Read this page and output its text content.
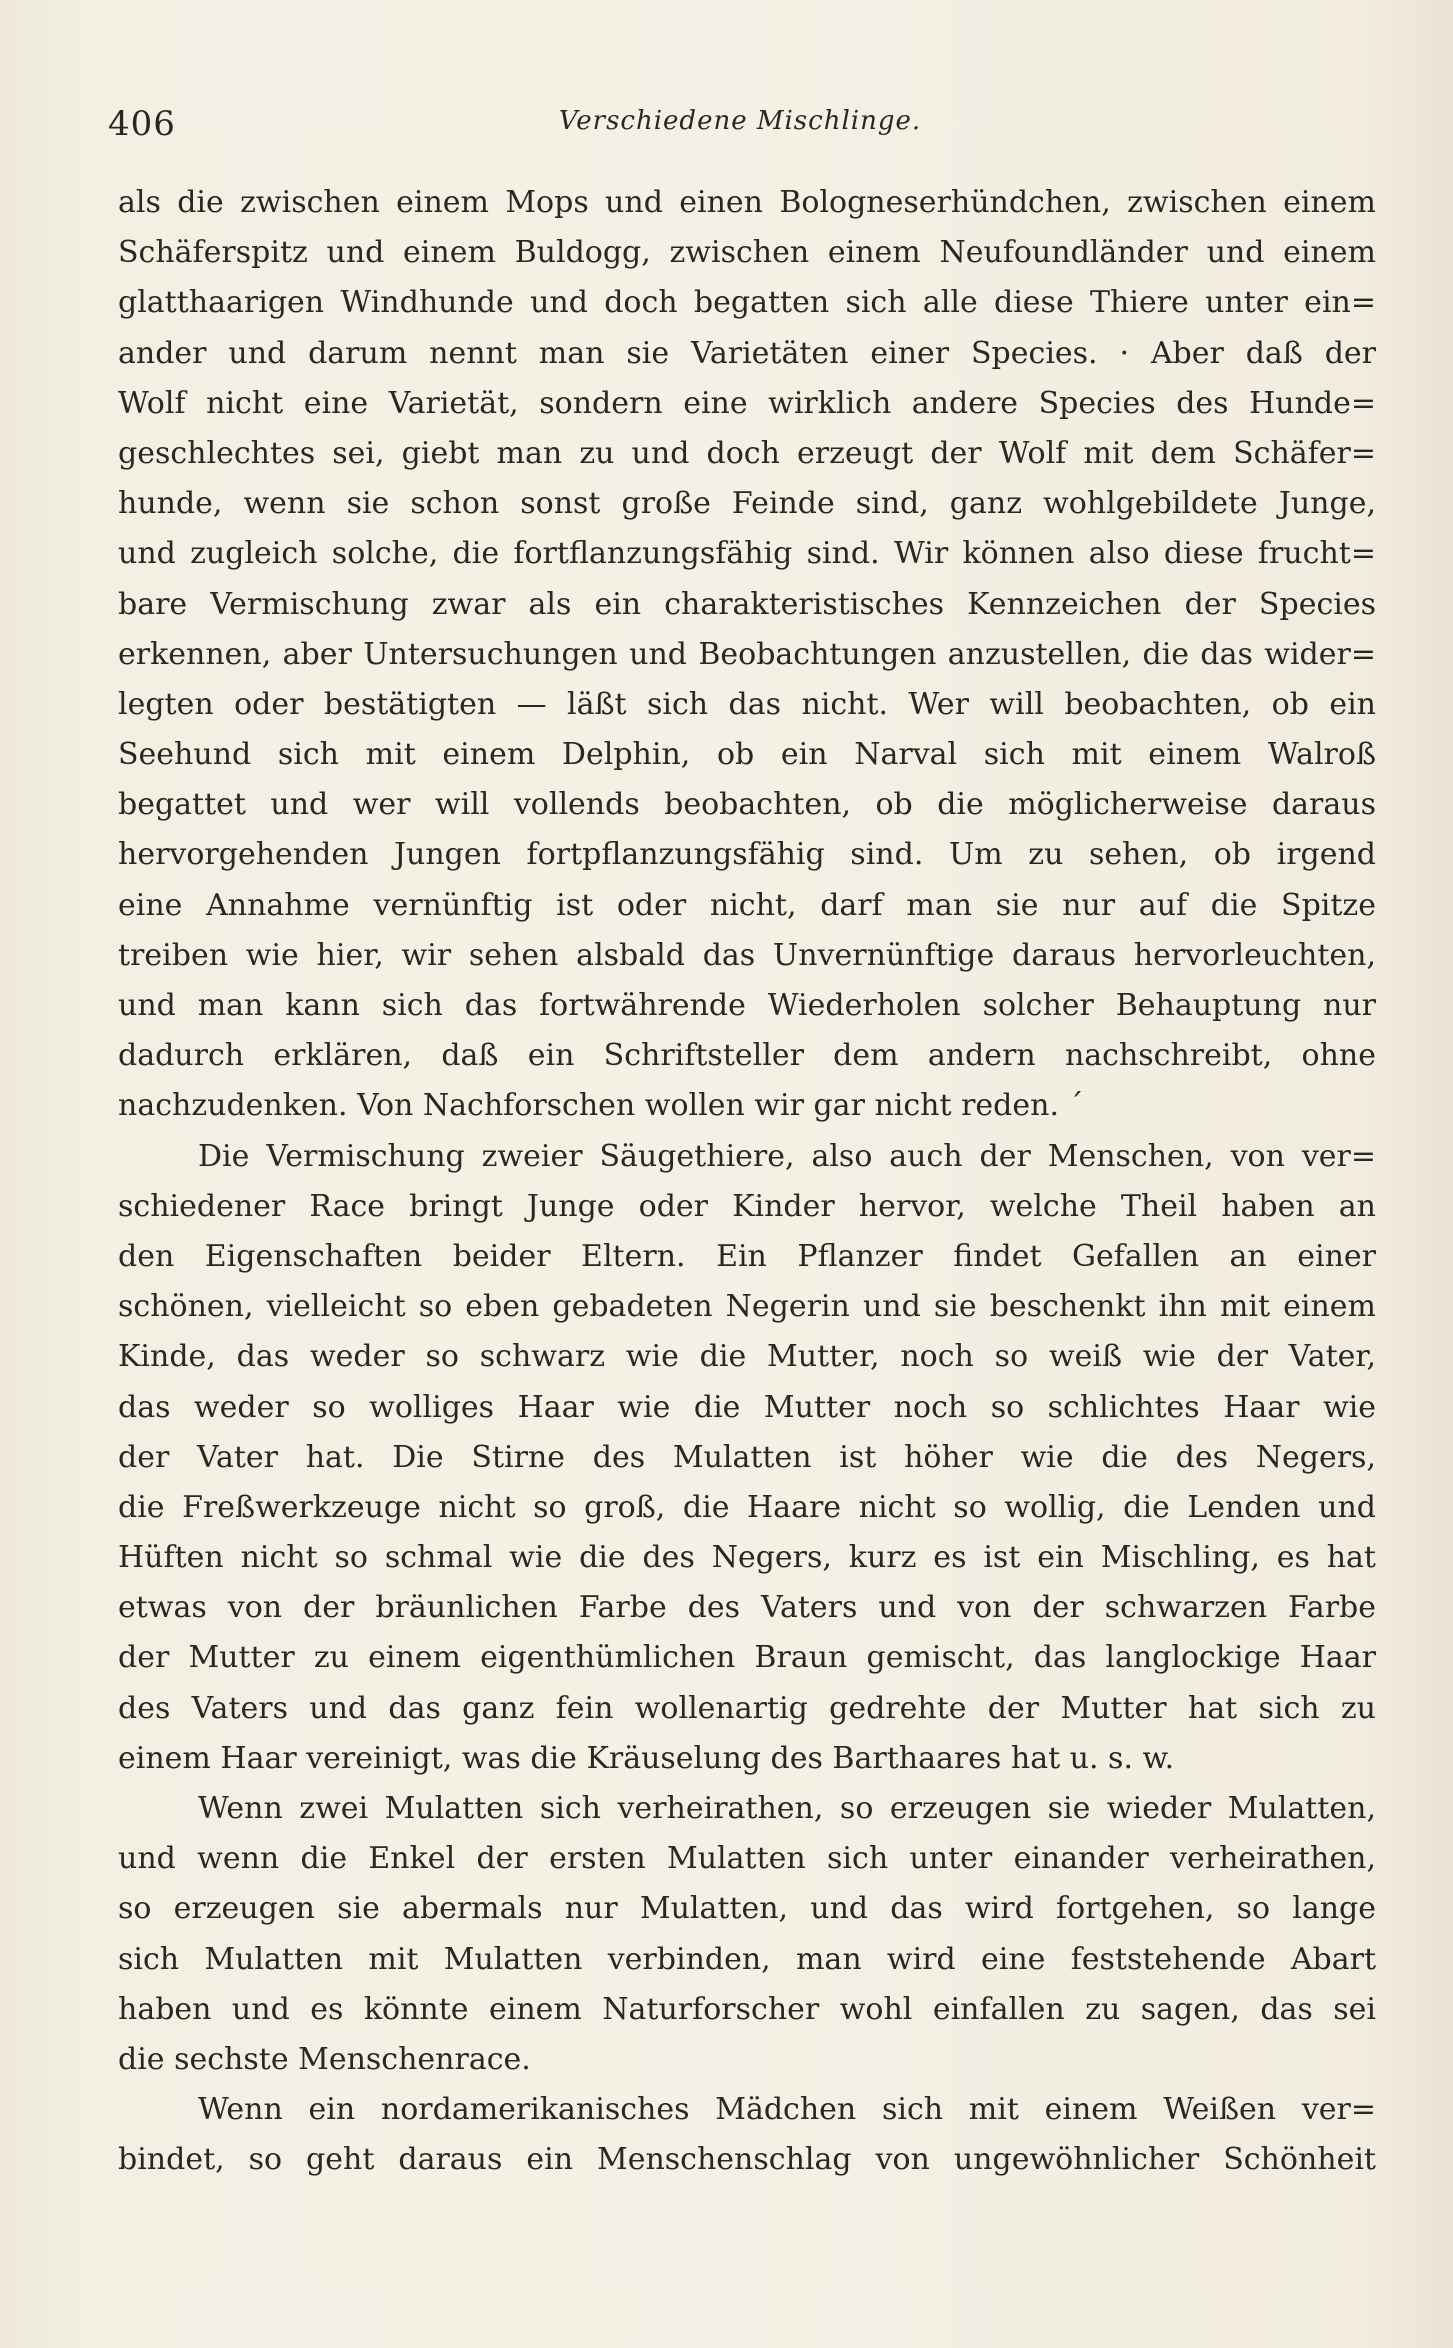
406	Verschiedene Mischlinge.
als die zwischen einem Mops und einen Bologneserhündchen, zwischen einem
Schäferspitz und einem Buldogg, zwischen einem Neufoundländer und einem
glatthaarigen Windhunde und doch begatten sich alle diese Thiere unter ein=
ander und darum nennt man sie Varietäten einer Species. · Aber daß der
Wolf nicht eine Varietät, sondern eine wirklich andere Species des Hunde=
geschlechtes sei, giebt man zu und doch erzeugt der Wolf mit dem Schäfer=
hunde, wenn sie schon sonst große Feinde sind, ganz wohlgebildete Junge,
und zugleich solche, die fortflanzungsfähig sind. Wir können also diese frucht=
bare Vermischung zwar als ein charakteristisches Kennzeichen der Species
erkennen, aber Untersuchungen und Beobachtungen anzustellen, die das wider=
legten oder bestätigten — läßt sich das nicht. Wer will beobachten, ob ein
Seehund sich mit einem Delphin, ob ein Narval sich mit einem Walroß
begattet und wer will vollends beobachten, ob die möglicherweise daraus
hervorgehenden Jungen fortpflanzungsfähig sind. Um zu sehen, ob irgend
eine Annahme vernünftig ist oder nicht, darf man sie nur auf die Spitze
treiben wie hier, wir sehen alsbald das Unvernünftige daraus hervorleuchten,
und man kann sich das fortwährende Wiederholen solcher Behauptung nur
dadurch erklären, daß ein Schriftsteller dem andern nachschreibt, ohne
nachzudenken. Von Nachforschen wollen wir gar nicht reden. ´
Die Vermischung zweier Säugethiere, also auch der Menschen, von ver=
schiedener Race bringt Junge oder Kinder hervor, welche Theil haben an
den Eigenschaften beider Eltern. Ein Pflanzer findet Gefallen an einer
schönen, vielleicht so eben gebadeten Negerin und sie beschenkt ihn mit einem
Kinde, das weder so schwarz wie die Mutter, noch so weiß wie der Vater,
das weder so wolliges Haar wie die Mutter noch so schlichtes Haar wie
der Vater hat. Die Stirne des Mulatten ist höher wie die des Negers,
die Freßwerkzeuge nicht so groß, die Haare nicht so wollig, die Lenden und
Hüften nicht so schmal wie die des Negers, kurz es ist ein Mischling, es hat
etwas von der bräunlichen Farbe des Vaters und von der schwarzen Farbe
der Mutter zu einem eigenthümlichen Braun gemischt, das langlockige Haar
des Vaters und das ganz fein wollenartig gedrehte der Mutter hat sich zu
einem Haar vereinigt, was die Kräuselung des Barthaares hat u. s. w.
Wenn zwei Mulatten sich verheirathen, so erzeugen sie wieder Mulatten,
und wenn die Enkel der ersten Mulatten sich unter einander verheirathen,
so erzeugen sie abermals nur Mulatten, und das wird fortgehen, so lange
sich Mulatten mit Mulatten verbinden, man wird eine feststehende Abart
haben und es könnte einem Naturforscher wohl einfallen zu sagen, das sei
die sechste Menschenrace.
Wenn ein nordamerikanisches Mädchen sich mit einem Weißen ver=
bindet, so geht daraus ein Menschenschlag von ungewöhnlicher Schönheit
